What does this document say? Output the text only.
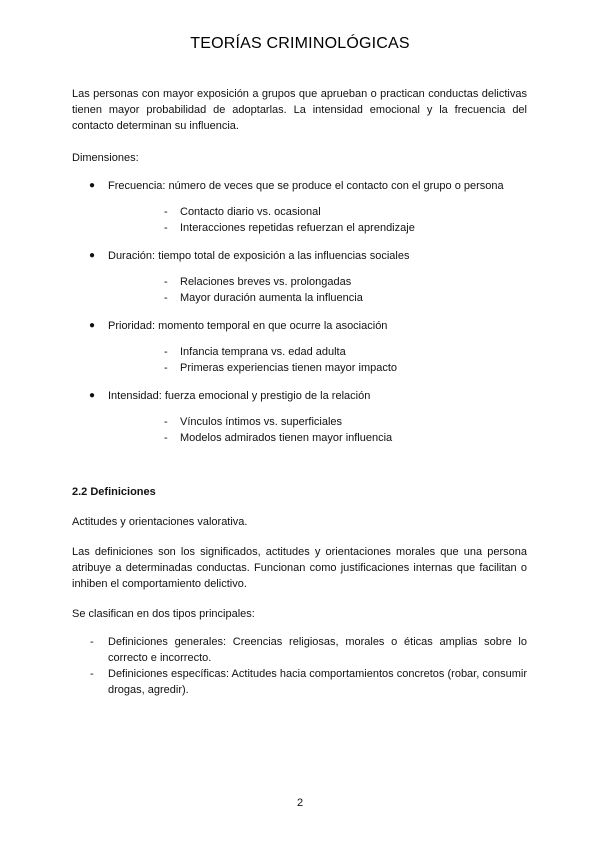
TEORÍAS CRIMINOLÓGICAS

Las personas con mayor exposición a grupos que aprueban o practican conductas delictivas tienen mayor probabilidad de adoptarlas. La intensidad emocional y la frecuencia del contacto determinan su influencia.

Dimensiones:

● Frecuencia: número de veces que se produce el contacto con el grupo o persona
- Contacto diario vs. ocasional
- Interacciones repetidas refuerzan el aprendizaje
● Duración: tiempo total de exposición a las influencias sociales
- Relaciones breves vs. prolongadas
- Mayor duración aumenta la influencia
● Prioridad: momento temporal en que ocurre la asociación
- Infancia temprana vs. edad adulta
- Primeras experiencias tienen mayor impacto
● Intensidad: fuerza emocional y prestigio de la relación
- Vínculos íntimos vs. superficiales
- Modelos admirados tienen mayor influencia

2.2 Definiciones

Actitudes y orientaciones valorativa.

Las definiciones son los significados, actitudes y orientaciones morales que una persona atribuye a determinadas conductas. Funcionan como justificaciones internas que facilitan o inhiben el comportamiento delictivo.

Se clasifican en dos tipos principales:

- Definiciones generales: Creencias religiosas, morales o éticas amplias sobre lo correcto e incorrecto.
- Definiciones específicas: Actitudes hacia comportamientos concretos (robar, consumir drogas, agredir).
2
